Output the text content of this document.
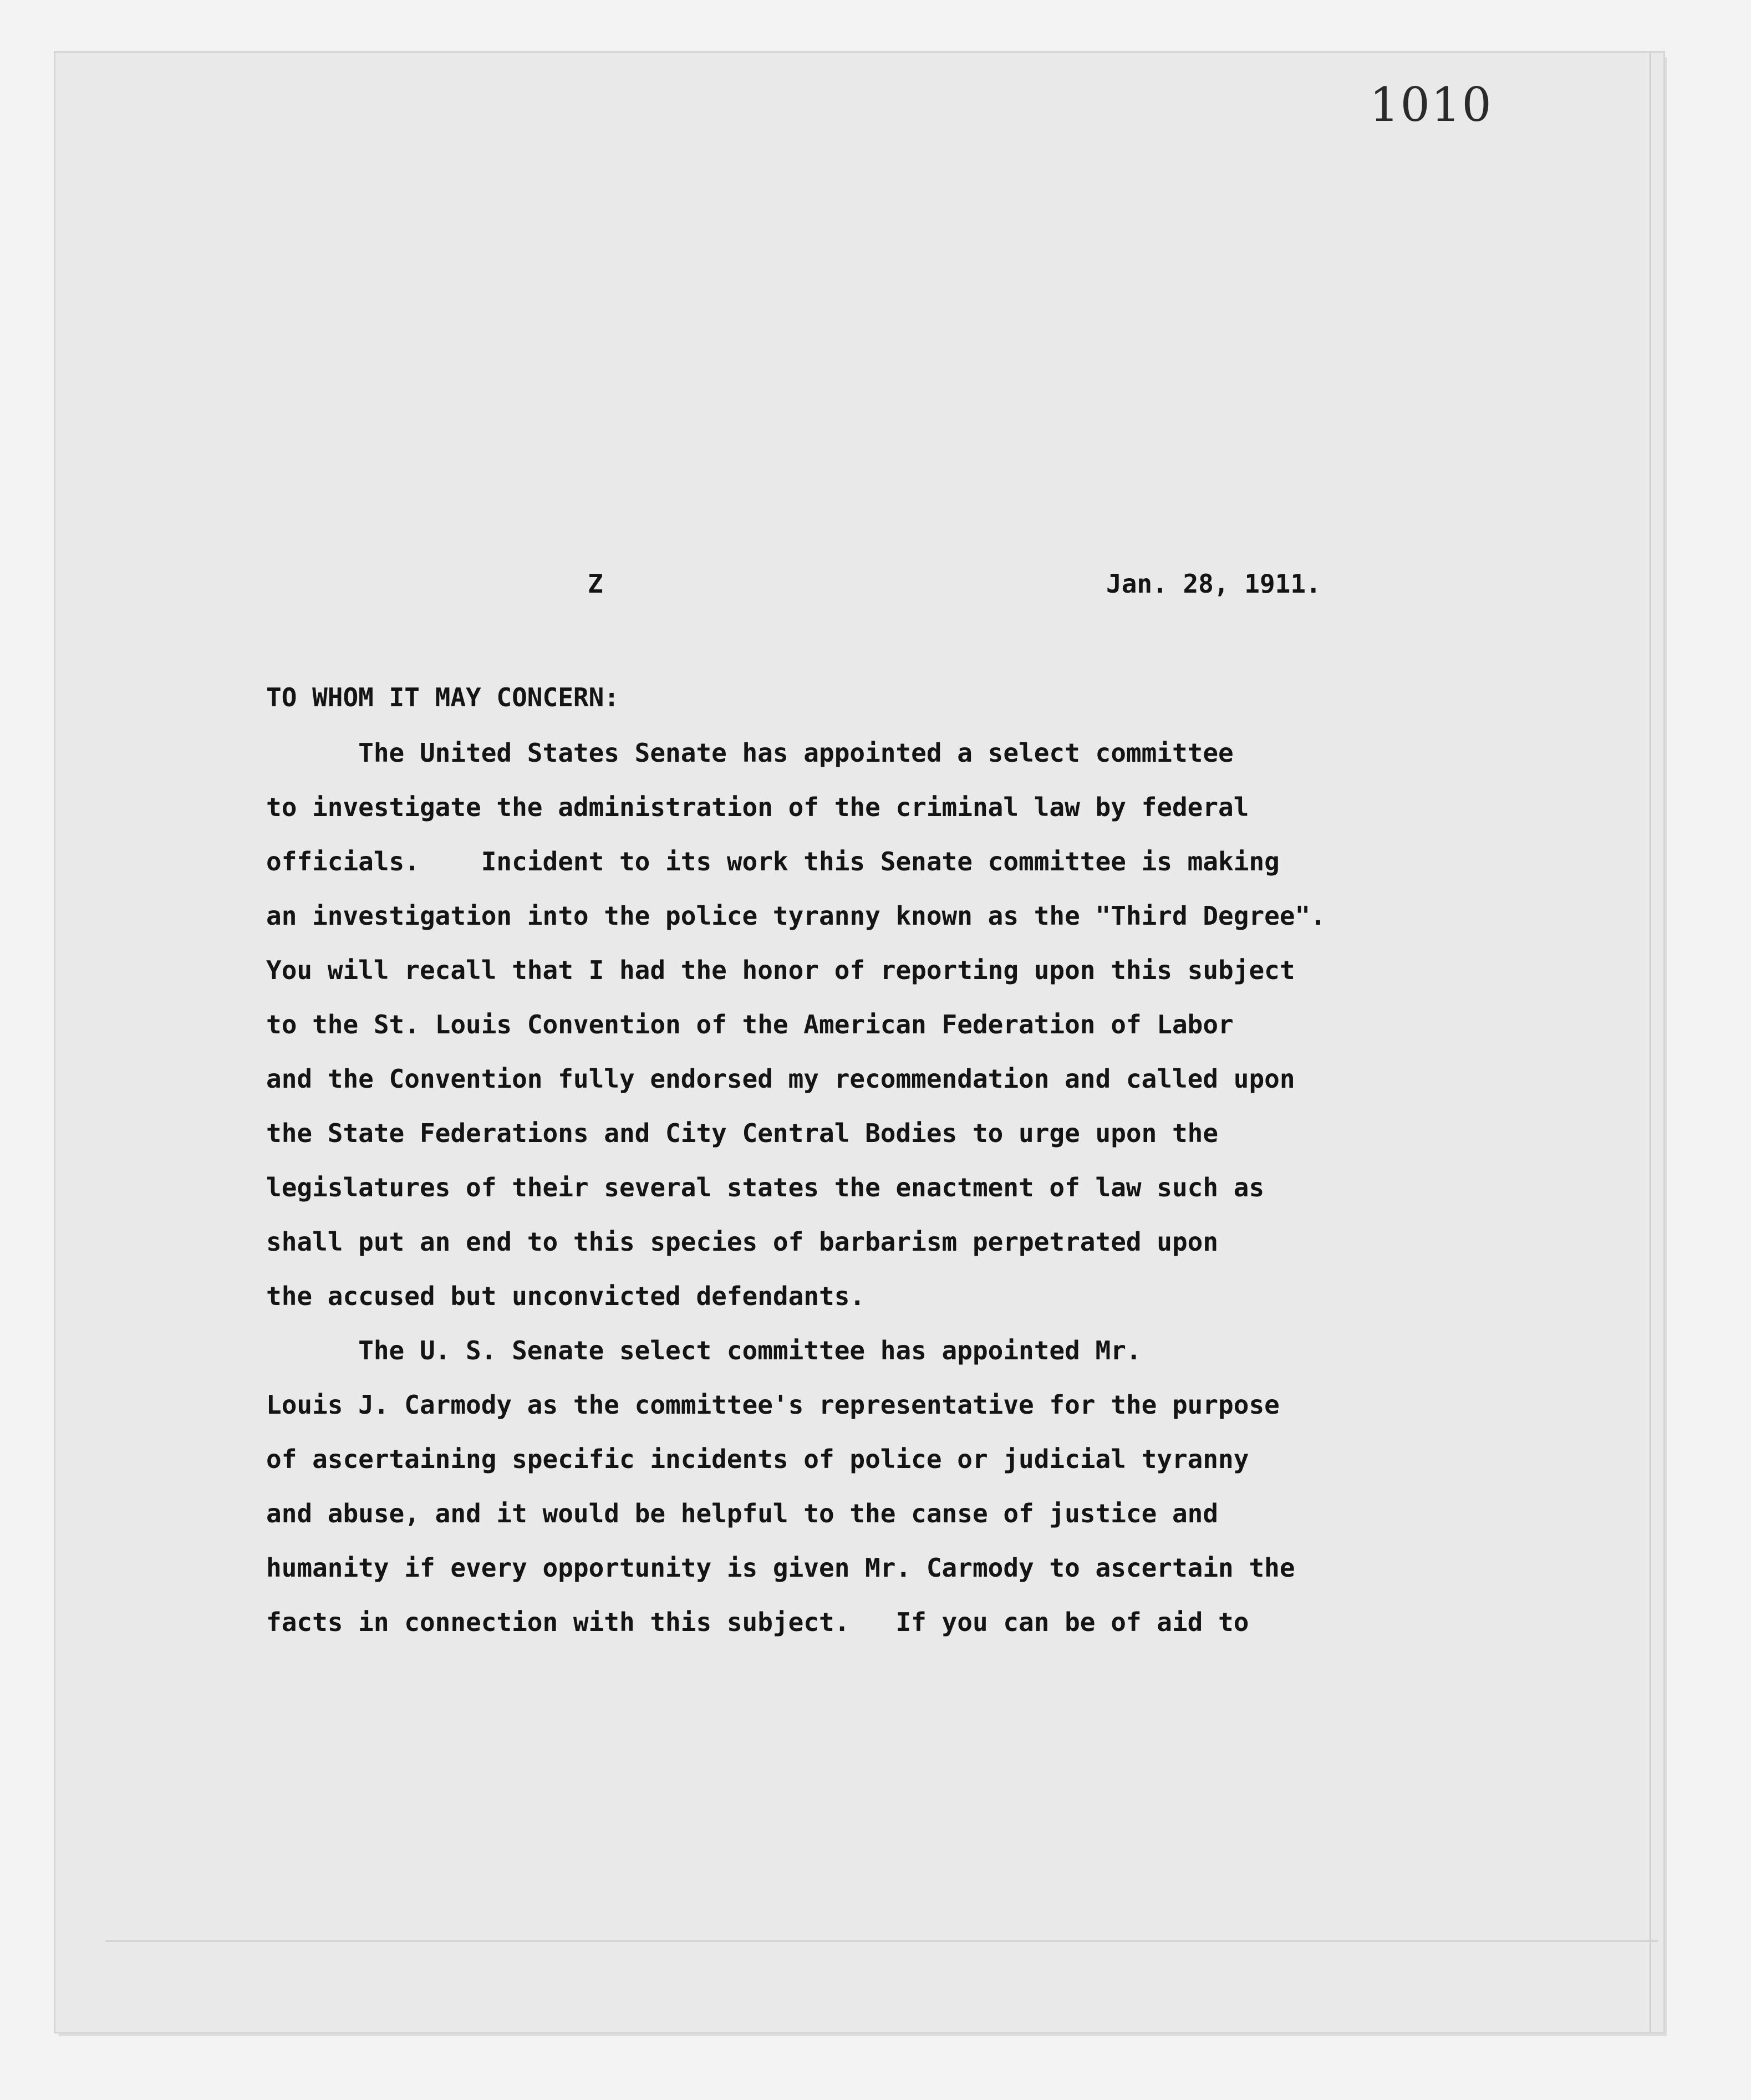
1010
Z	Jan. 28, 1911.
TO WHOM IT MAY CONCERN:
The United States Senate has appointed a select committee
to investigate the administration of the criminal law by federal
officials.    Incident to its work this Senate committee is making
an investigation into the police tyranny known as the "Third Degree".
You will recall that I had the honor of reporting upon this subject
to the St. Louis Convention of the American Federation of Labor
and the Convention fully endorsed my recommendation and called upon
the State Federations and City Central Bodies to urge upon the
legislatures of their several states the enactment of law such as
shall put an end to this species of barbarism perpetrated upon
the accused but unconvicted defendants.
The U. S. Senate select committee has appointed Mr.
Louis J. Carmody as the committee's representative for the purpose
of ascertaining specific incidents of police or judicial tyranny
and abuse, and it would be helpful to the canse of justice and
humanity if every opportunity is given Mr. Carmody to ascertain the
facts in connection with this subject.   If you can be of aid to
